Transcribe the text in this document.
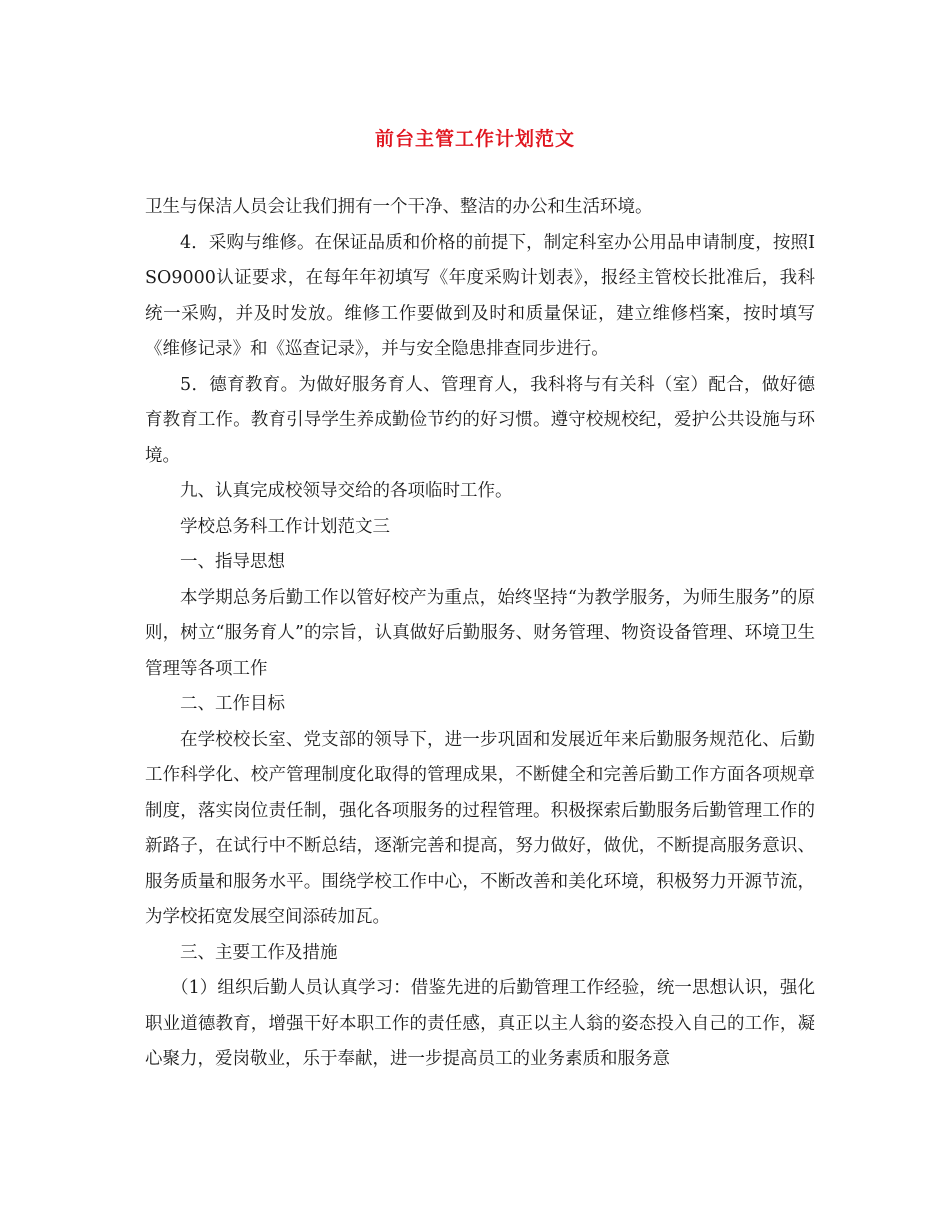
前台主管工作计划范文

卫生与保洁人员会让我们拥有一个干净、整洁的办公和生活环境。

4．采购与维修。在保证品质和价格的前提下，制定科室办公用品申请制度，按照ISO9000认证要求，在每年年初填写《年度采购计划表》，报经主管校长批准后，我科统一采购，并及时发放。维修工作要做到及时和质量保证，建立维修档案，按时填写《维修记录》和《巡查记录》，并与安全隐患排查同步进行。

5．德育教育。为做好服务育人、管理育人，我科将与有关科（室）配合，做好德育教育工作。教育引导学生养成勤俭节约的好习惯。遵守校规校纪，爱护公共设施与环境。

九、认真完成校领导交给的各项临时工作。

学校总务科工作计划范文三

一、指导思想

本学期总务后勤工作以管好校产为重点，始终坚持“为教学服务，为师生服务”的原则，树立“服务育人”的宗旨，认真做好后勤服务、财务管理、物资设备管理、环境卫生管理等各项工作

二、工作目标

在学校校长室、党支部的领导下，进一步巩固和发展近年来后勤服务规范化、后勤工作科学化、校产管理制度化取得的管理成果，不断健全和完善后勤工作方面各项规章制度，落实岗位责任制，强化各项服务的过程管理。积极探索后勤服务后勤管理工作的新路子，在试行中不断总结，逐渐完善和提高，努力做好，做优，不断提高服务意识、服务质量和服务水平。围绕学校工作中心，不断改善和美化环境，积极努力开源节流，为学校拓宽发展空间添砖加瓦。

三、主要工作及措施

（1）组织后勤人员认真学习：借鉴先进的后勤管理工作经验，统一思想认识，强化职业道德教育，增强干好本职工作的责任感，真正以主人翁的姿态投入自己的工作，凝心聚力，爱岗敬业，乐于奉献，进一步提高员工的业务素质和服务意
